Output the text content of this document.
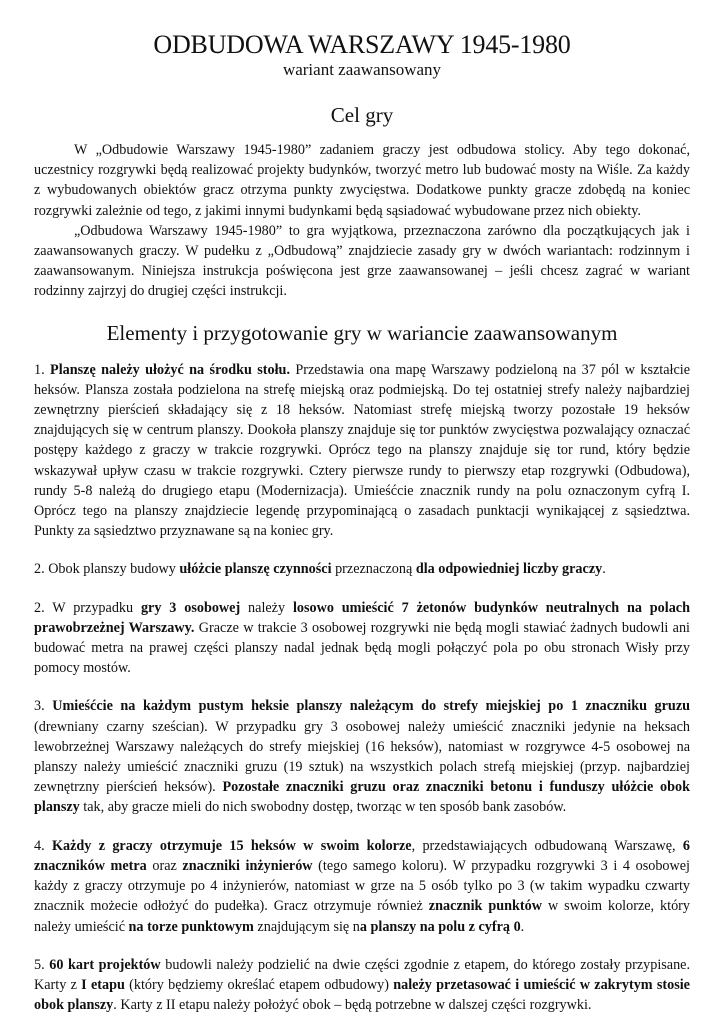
ODBUDOWA WARSZAWY 1945-1980
wariant zaawansowany
Cel gry

W „Odbudowie Warszawy 1945-1980” zadaniem graczy jest odbudowa stolicy. Aby tego dokonać, uczestnicy rozgrywki będą realizować projekty budynków, tworzyć metro lub budować mosty na Wiśle. Za każdy z wybudowanych obiektów gracz otrzyma punkty zwycięstwa. Dodatkowe punkty gracze zdobędą na koniec rozgrywki zależnie od tego, z jakimi innymi budynkami będą sąsiadować wybudowane przez nich obiekty.

„Odbudowa Warszawy 1945-1980” to gra wyjątkowa, przeznaczona zarówno dla początkujących jak i zaawansowanych graczy. W pudełku z „Odbudową” znajdziecie zasady gry w dwóch wariantach: rodzinnym i zaawansowanym. Niniejsza instrukcja poświęcona jest grze zaawansowanej – jeśli chcesz zagrać w wariant rodzinny zajrzyj do drugiej części instrukcji.

Elementy i przygotowanie gry w wariancie zaawansowanym

1. Planszę należy ułożyć na środku stołu. Przedstawia ona mapę Warszawy podzieloną na 37 pól w kształcie heksów. Plansza została podzielona na strefę miejską oraz podmiejską. Do tej ostatniej strefy należy najbardziej zewnętrzny pierścień składający się z 18 heksów. Natomiast strefę miejską tworzy pozostałe 19 heksów znajdujących się w centrum planszy. Dookoła planszy znajduje się tor punktów zwycięstwa pozwalający oznaczać postępy każdego z graczy w trakcie rozgrywki. Oprócz tego na planszy znajduje się tor rund, który będzie wskazywał upływ czasu w trakcie rozgrywki. Cztery pierwsze rundy to pierwszy etap rozgrywki (Odbudowa), rundy 5-8 należą do drugiego etapu (Modernizacja). Umieśćcie znacznik rundy na polu oznaczonym cyfrą I. Oprócz tego na planszy znajdziecie legendę przypominającą o zasadach punktacji wynikającej z sąsiedztwa. Punkty za sąsiedztwo przyznawane są na koniec gry.

2. Obok planszy budowy ułóżcie planszę czynności przeznaczoną dla odpowiedniej liczby graczy.

2. W przypadku gry 3 osobowej należy losowo umieścić 7 żetonów budynków neutralnych na polach prawobrzeżnej Warszawy. Gracze w trakcie 3 osobowej rozgrywki nie będą mogli stawiać żadnych budowli ani budować metra na prawej części planszy nadal jednak będą mogli połączyć pola po obu stronach Wisły przy pomocy mostów.

3. Umieśćcie na każdym pustym heksie planszy należącym do strefy miejskiej po 1 znaczniku gruzu (drewniany czarny sześcian). W przypadku gry 3 osobowej należy umieścić znaczniki jedynie na heksach lewobrzeżnej Warszawy należących do strefy miejskiej (16 heksów), natomiast w rozgrywce 4-5 osobowej na planszy należy umieścić znaczniki gruzu (19 sztuk) na wszystkich polach strefą miejskiej (przyp. najbardziej zewnętrzny pierścień heksów). Pozostałe znaczniki gruzu oraz znaczniki betonu i funduszy ułóżcie obok planszy tak, aby gracze mieli do nich swobodny dostęp, tworząc w ten sposób bank zasobów.

4. Każdy z graczy otrzymuje 15 heksów w swoim kolorze, przedstawiających odbudowaną Warszawę, 6 znaczników metra oraz znaczniki inżynierów (tego samego koloru). W przypadku rozgrywki 3 i 4 osobowej każdy z graczy otrzymuje po 4 inżynierów, natomiast w grze na 5 osób tylko po 3 (w takim wypadku czwarty znacznik możecie odłożyć do pudełka). Gracz otrzymuje również znacznik punktów w swoim kolorze, który należy umieścić na torze punktowym znajdującym się na planszy na polu z cyfrą 0.

5. 60 kart projektów budowli należy podzielić na dwie części zgodnie z etapem, do którego zostały przypisane. Karty z I etapu (który będziemy określać etapem odbudowy) należy przetasować i umieścić w zakrytym stosie obok planszy. Karty z II etapu należy położyć obok – będą potrzebne w dalszej części rozgrywki.
